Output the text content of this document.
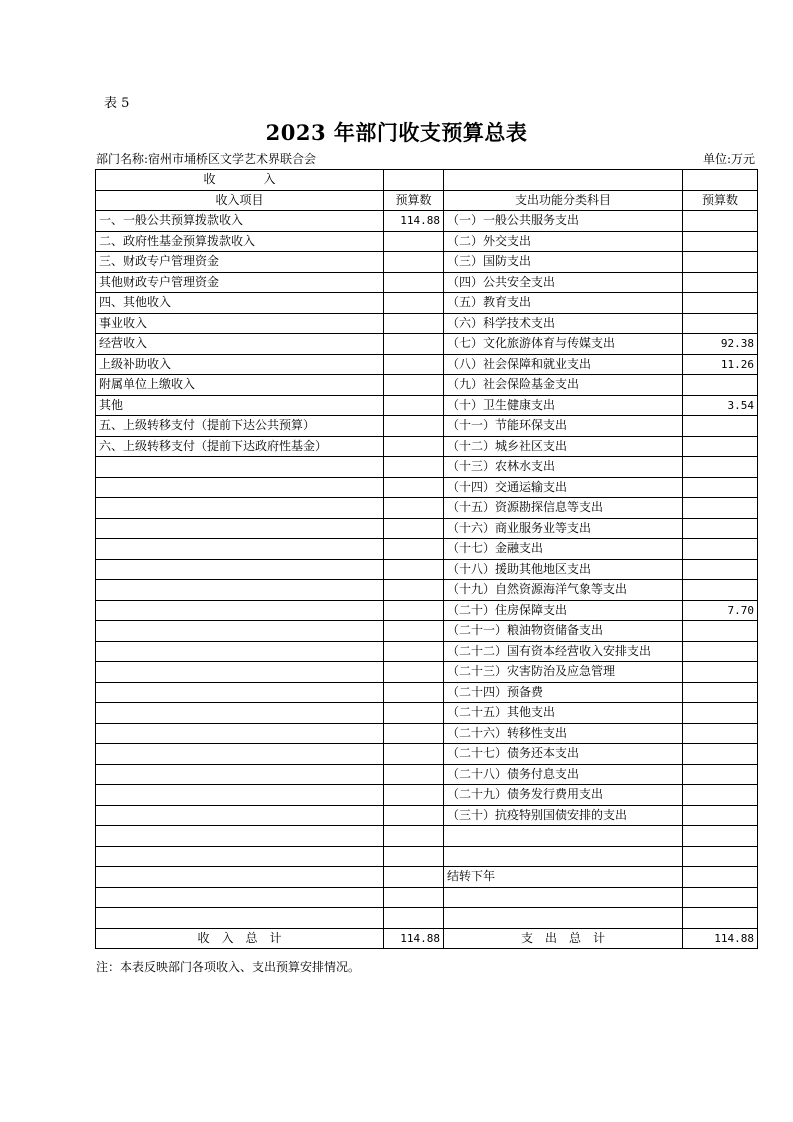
表 5
2023 年部门收支预算总表
部门名称:宿州市埇桥区文学艺术界联合会	单位:万元
收　　　　入			
收入项目	预算数	支出功能分类科目	预算数
一、一般公共预算拨款收入	114.88	（一）一般公共服务支出	
二、政府性基金预算拨款收入		（二）外交支出	
三、财政专户管理资金		（三）国防支出	
其他财政专户管理资金		（四）公共安全支出	
四、其他收入		（五）教育支出	
事业收入		（六）科学技术支出	
经营收入		（七）文化旅游体育与传媒支出	92.38
上级补助收入		（八）社会保障和就业支出	11.26
附属单位上缴收入		（九）社会保险基金支出	
其他		（十）卫生健康支出	3.54
五、上级转移支付（提前下达公共预算）		（十一）节能环保支出	
六、上级转移支付（提前下达政府性基金）		（十二）城乡社区支出	
		（十三）农林水支出	
		（十四）交通运输支出	
		（十五）资源勘探信息等支出	
		（十六）商业服务业等支出	
		（十七）金融支出	
		（十八）援助其他地区支出	
		（十九）自然资源海洋气象等支出	
		（二十）住房保障支出	7.70
		（二十一）粮油物资储备支出	
		（二十二）国有资本经营收入安排支出	
		（二十三）灾害防治及应急管理	
		（二十四）预备费	
		（二十五）其他支出	
		（二十六）转移性支出	
		（二十七）债务还本支出	
		（二十八）债务付息支出	
		（二十九）债务发行费用支出	
		（三十）抗疫特别国债安排的支出	

		结转下年	

收　入　总　计	114.88	支　出　总　计	114.88
注：本表反映部门各项收入、支出预算安排情况。
